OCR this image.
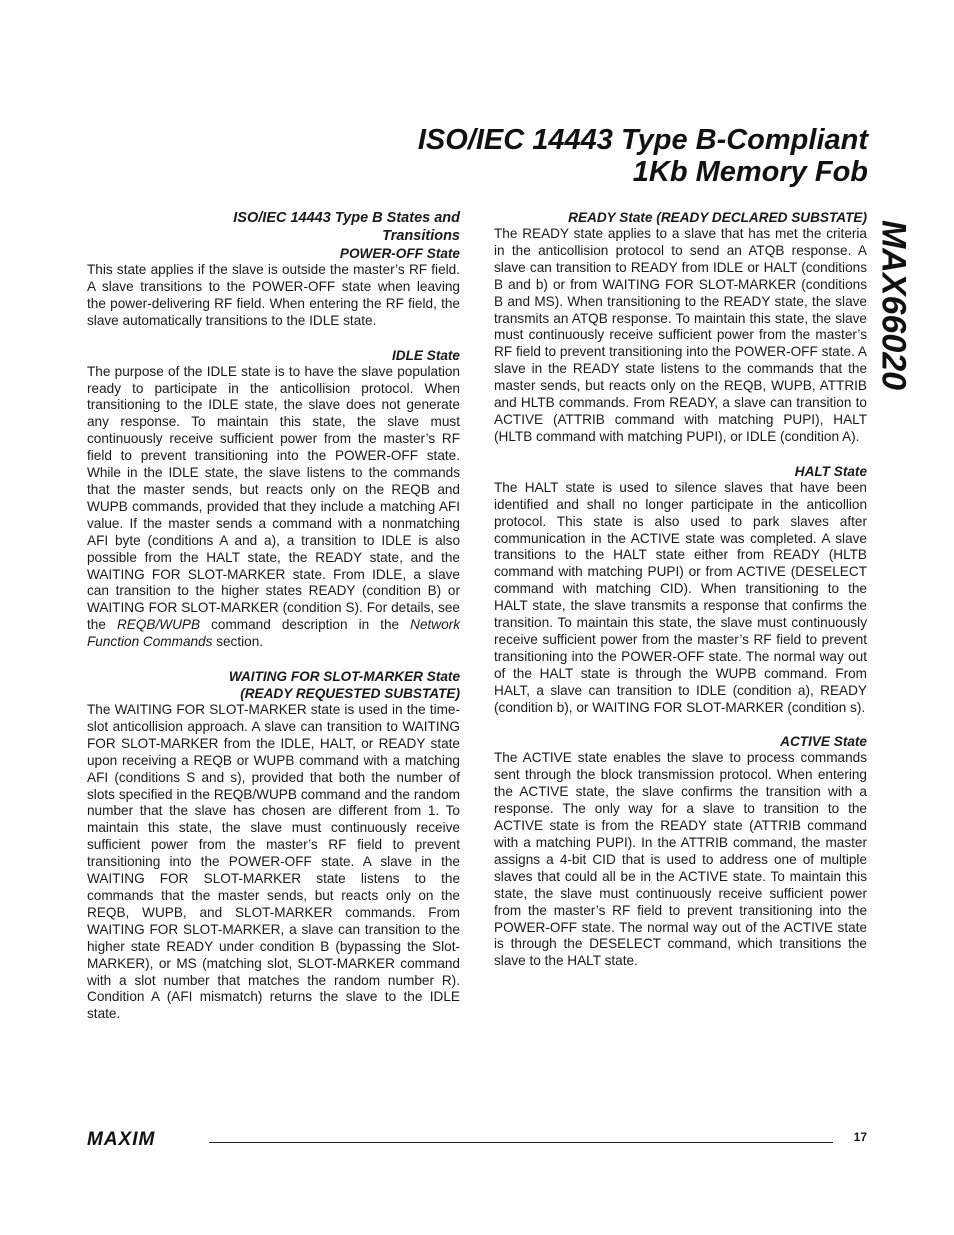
ISO/IEC 14443 Type B-Compliant
1Kb Memory Fob
MAX66020
ISO/IEC 14443 Type B States and
Transitions
POWER-OFF State

This state applies if the slave is outside the master’s RF field. A slave transitions to the POWER-OFF state when leaving the power-delivering RF field. When entering the RF field, the slave automatically transitions to the IDLE state.

IDLE State

The purpose of the IDLE state is to have the slave population ready to participate in the anticollision protocol. When transitioning to the IDLE state, the slave does not generate any response. To maintain this state, the slave must continuously receive sufficient power from the master’s RF field to prevent transitioning into the POWER-OFF state. While in the IDLE state, the slave listens to the commands that the master sends, but reacts only on the REQB and WUPB commands, provided that they include a matching AFI value. If the master sends a command with a nonmatching AFI byte (conditions A and a), a transition to IDLE is also possible from the HALT state, the READY state, and the WAITING FOR SLOT-MARKER state. From IDLE, a slave can transition to the higher states READY (condition B) or WAITING FOR SLOT-MARKER (condition S). For details, see the REQB/WUPB command description in the Network Function Commands section.

WAITING FOR SLOT-MARKER State
(READY REQUESTED SUBSTATE)

The WAITING FOR SLOT-MARKER state is used in the time-slot anticollision approach. A slave can transition to WAITING FOR SLOT-MARKER from the IDLE, HALT, or READY state upon receiving a REQB or WUPB command with a matching AFI (conditions S and s), provided that both the number of slots specified in the REQB/WUPB command and the random number that the slave has chosen are different from 1. To maintain this state, the slave must continuously receive sufficient power from the master’s RF field to prevent transitioning into the POWER-OFF state. A slave in the WAITING FOR SLOT-MARKER state listens to the commands that the master sends, but reacts only on the REQB, WUPB, and SLOT-MARKER commands. From WAITING FOR SLOT-MARKER, a slave can transition to the higher state READY under condition B (bypassing the Slot-MARKER), or MS (matching slot, SLOT-MARKER command with a slot number that matches the random number R). Condition A (AFI mismatch) returns the slave to the IDLE state.

READY State (READY DECLARED SUBSTATE)

The READY state applies to a slave that has met the criteria in the anticollision protocol to send an ATQB response. A slave can transition to READY from IDLE or HALT (conditions B and b) or from WAITING FOR SLOT-MARKER (conditions B and MS). When transitioning to the READY state, the slave transmits an ATQB response. To maintain this state, the slave must continuously receive sufficient power from the master’s RF field to prevent transitioning into the POWER-OFF state. A slave in the READY state listens to the commands that the master sends, but reacts only on the REQB, WUPB, ATTRIB and HLTB commands. From READY, a slave can transition to ACTIVE (ATTRIB command with matching PUPI), HALT (HLTB command with matching PUPI), or IDLE (condition A).

HALT State

The HALT state is used to silence slaves that have been identified and shall no longer participate in the anticollion protocol. This state is also used to park slaves after communication in the ACTIVE state was completed. A slave transitions to the HALT state either from READY (HLTB command with matching PUPI) or from ACTIVE (DESELECT command with matching CID). When transitioning to the HALT state, the slave transmits a response that confirms the transition. To maintain this state, the slave must continuously receive sufficient power from the master’s RF field to prevent transitioning into the POWER-OFF state. The normal way out of the HALT state is through the WUPB command. From HALT, a slave can transition to IDLE (condition a), READY (condition b), or WAITING FOR SLOT-MARKER (condition s).

ACTIVE State

The ACTIVE state enables the slave to process commands sent through the block transmission protocol. When entering the ACTIVE state, the slave confirms the transition with a response. The only way for a slave to transition to the ACTIVE state is from the READY state (ATTRIB command with a matching PUPI). In the ATTRIB command, the master assigns a 4-bit CID that is used to address one of multiple slaves that could all be in the ACTIVE state. To maintain this state, the slave must continuously receive sufficient power from the master’s RF field to prevent transitioning into the POWER-OFF state. The normal way out of the ACTIVE state is through the DESELECT command, which transitions the slave to the HALT state.

MAXIM	17
